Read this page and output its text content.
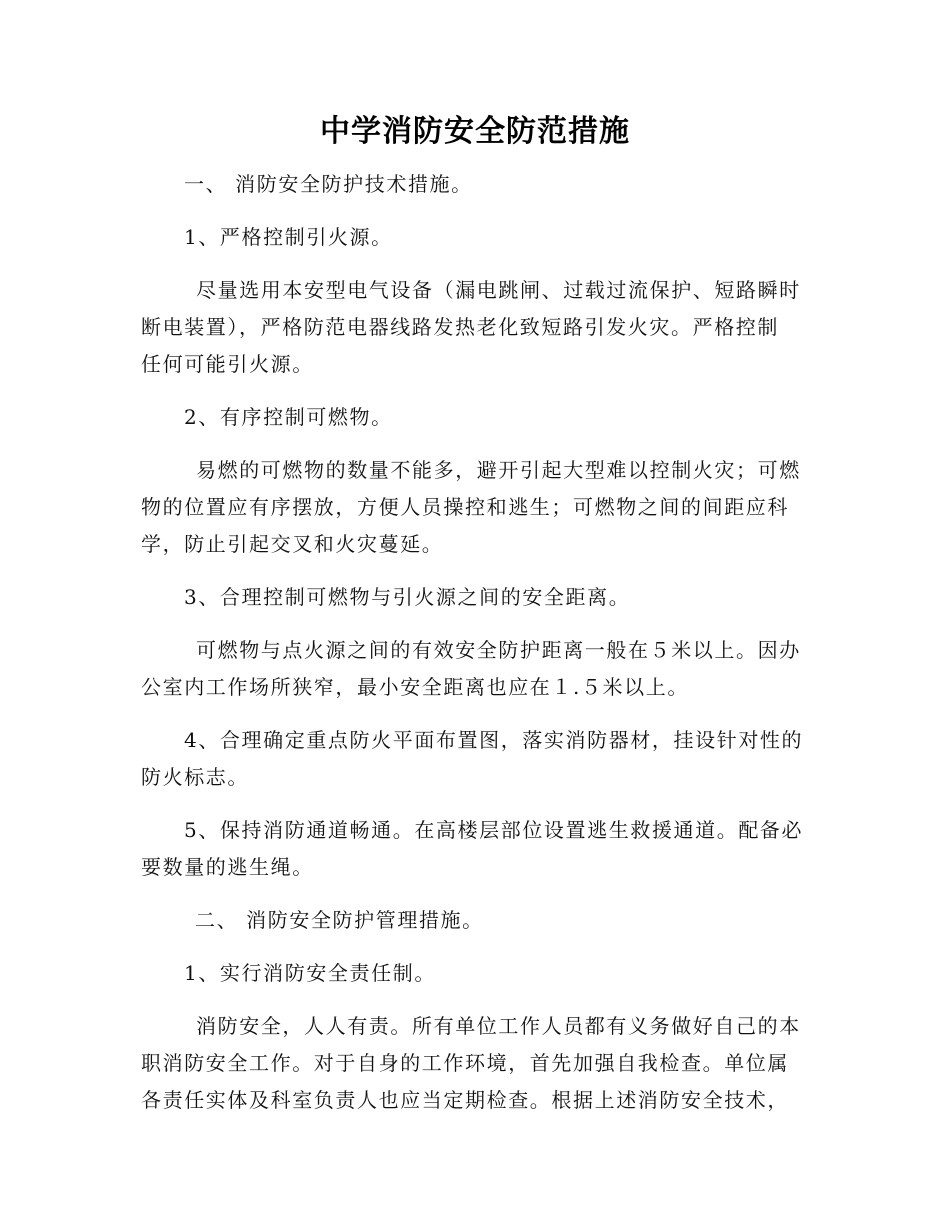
中学消防安全防范措施
一、 消防安全防护技术措施。
1、严格控制引火源。
尽量选用本安型电气设备（漏电跳闸、过载过流保护、短路瞬时
断电装置），严格防范电器线路发热老化致短路引发火灾。严格控制
任何可能引火源。
2、有序控制可燃物。
易燃的可燃物的数量不能多，避开引起大型难以控制火灾；可燃
物的位置应有序摆放，方便人员操控和逃生；可燃物之间的间距应科
学，防止引起交叉和火灾蔓延。
3、合理控制可燃物与引火源之间的安全距离。
可燃物与点火源之间的有效安全防护距离一般在５米以上。因办
公室内工作场所狭窄，最小安全距离也应在１.５米以上。
4、合理确定重点防火平面布置图，落实消防器材，挂设针对性的
防火标志。
5、保持消防通道畅通。在高楼层部位设置逃生救援通道。配备必
要数量的逃生绳。
二、 消防安全防护管理措施。
1、实行消防安全责任制。
消防安全，人人有责。所有单位工作人员都有义务做好自己的本
职消防安全工作。对于自身的工作环境，首先加强自我检查。单位属
各责任实体及科室负责人也应当定期检查。根据上述消防安全技术，
